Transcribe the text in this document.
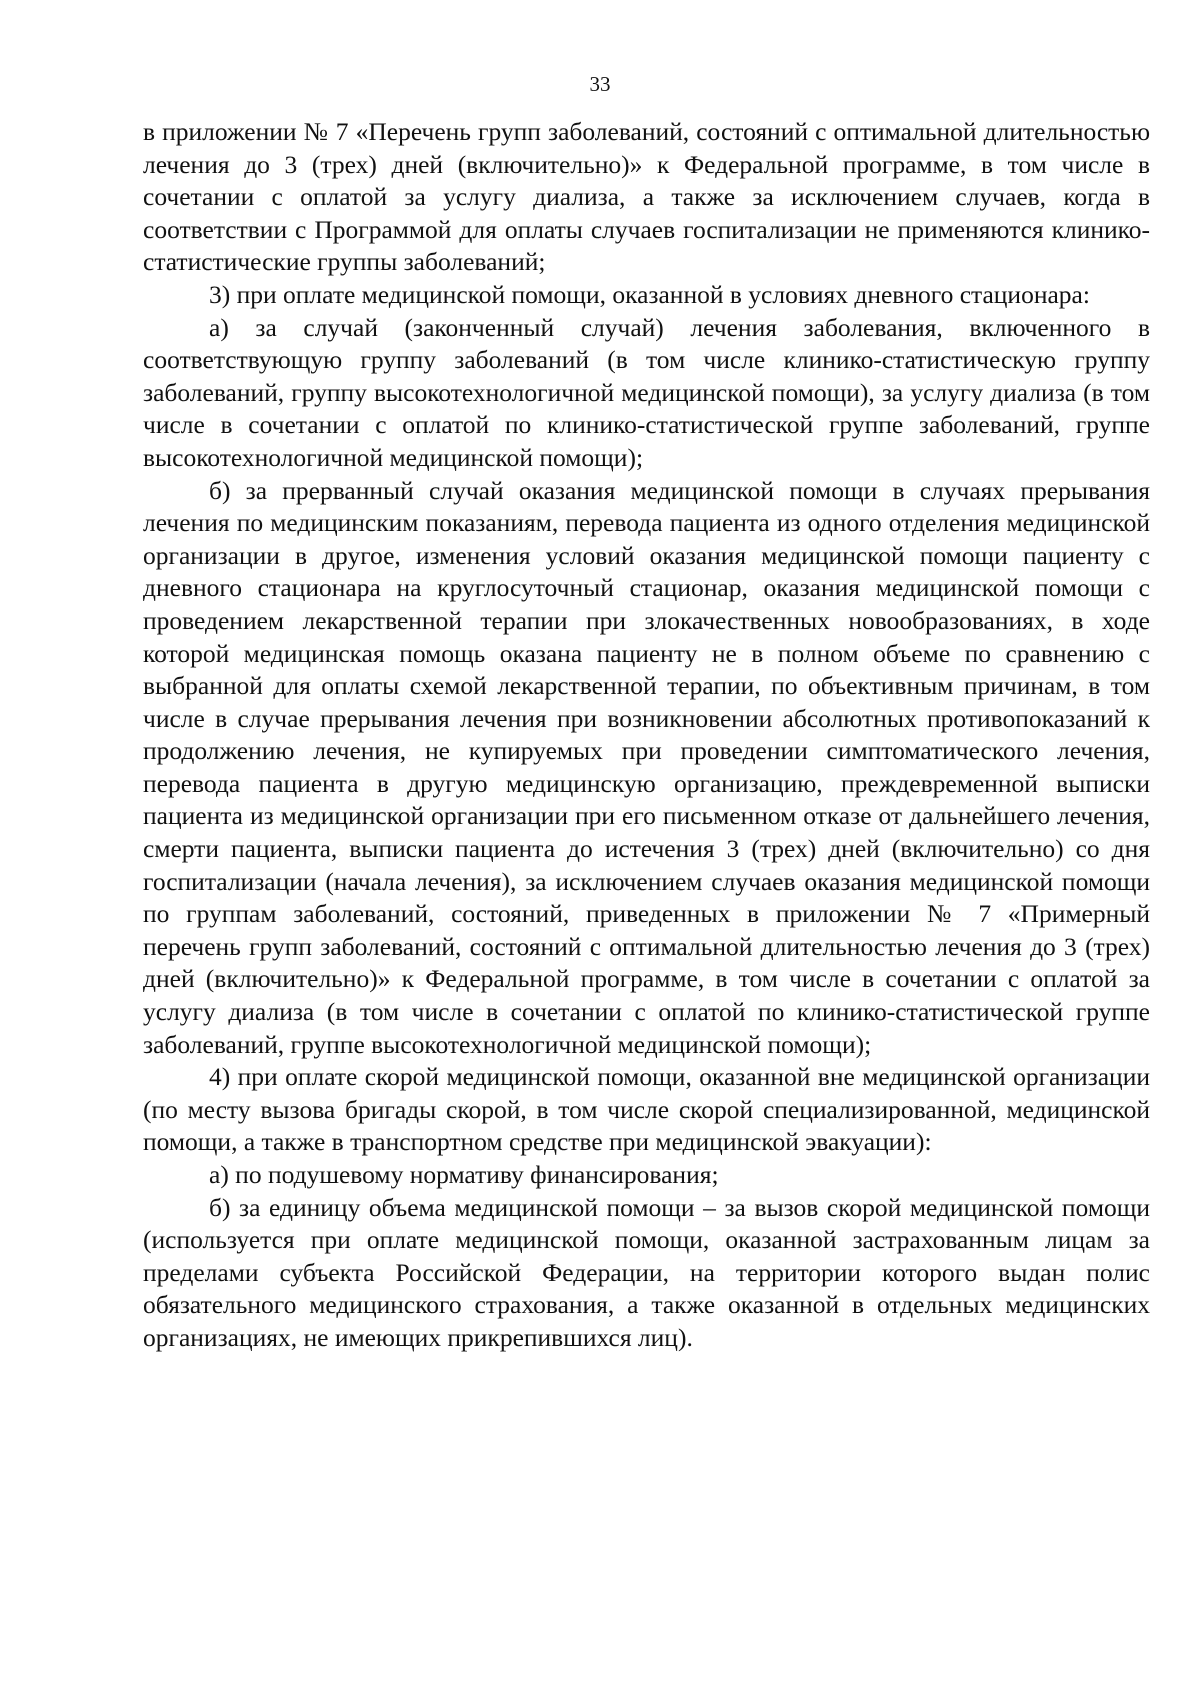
33

в приложении № 7 «Перечень групп заболеваний, состояний с оптимальной длительностью лечения до 3 (трех) дней (включительно)» к Федеральной программе, в том числе в сочетании с оплатой за услугу диализа, а также за исключением случаев, когда в соответствии с Программой для оплаты случаев госпитализации не применяются клинико-статистические группы заболеваний;

3) при оплате медицинской помощи, оказанной в условиях дневного стационара:

а) за случай (законченный случай) лечения заболевания, включенного в соответствующую группу заболеваний (в том числе клинико-статистическую группу заболеваний, группу высокотехнологичной медицинской помощи), за услугу диализа (в том числе в сочетании с оплатой по клинико-статистической группе заболеваний, группе высокотехнологичной медицинской помощи);

б) за прерванный случай оказания медицинской помощи в случаях прерывания лечения по медицинским показаниям, перевода пациента из одного отделения медицинской организации в другое, изменения условий оказания медицинской помощи пациенту с дневного стационара на круглосуточный стационар, оказания медицинской помощи с проведением лекарственной терапии при злокачественных новообразованиях, в ходе которой медицинская помощь оказана пациенту не в полном объеме по сравнению с выбранной для оплаты схемой лекарственной терапии, по объективным причинам, в том числе в случае прерывания лечения при возникновении абсолютных противопоказаний к продолжению лечения, не купируемых при проведении симптоматического лечения, перевода пациента в другую медицинскую организацию, преждевременной выписки пациента из медицинской организации при его письменном отказе от дальнейшего лечения, смерти пациента, выписки пациента до истечения 3 (трех) дней (включительно) со дня госпитализации (начала лечения), за исключением случаев оказания медицинской помощи по группам заболеваний, состояний, приведенных в приложении № 7 «Примерный перечень групп заболеваний, состояний с оптимальной длительностью лечения до 3 (трех) дней (включительно)» к Федеральной программе, в том числе в сочетании с оплатой за услугу диализа (в том числе в сочетании с оплатой по клинико-статистической группе заболеваний, группе высокотехнологичной медицинской помощи);

4) при оплате скорой медицинской помощи, оказанной вне медицинской организации (по месту вызова бригады скорой, в том числе скорой специализированной, медицинской помощи, а также в транспортном средстве при медицинской эвакуации):

а) по подушевому нормативу финансирования;

б) за единицу объема медицинской помощи – за вызов скорой медицинской помощи (используется при оплате медицинской помощи, оказанной застрахованным лицам за пределами субъекта Российской Федерации, на территории которого выдан полис обязательного медицинского страхования, а также оказанной в отдельных медицинских организациях, не имеющих прикрепившихся лиц).
